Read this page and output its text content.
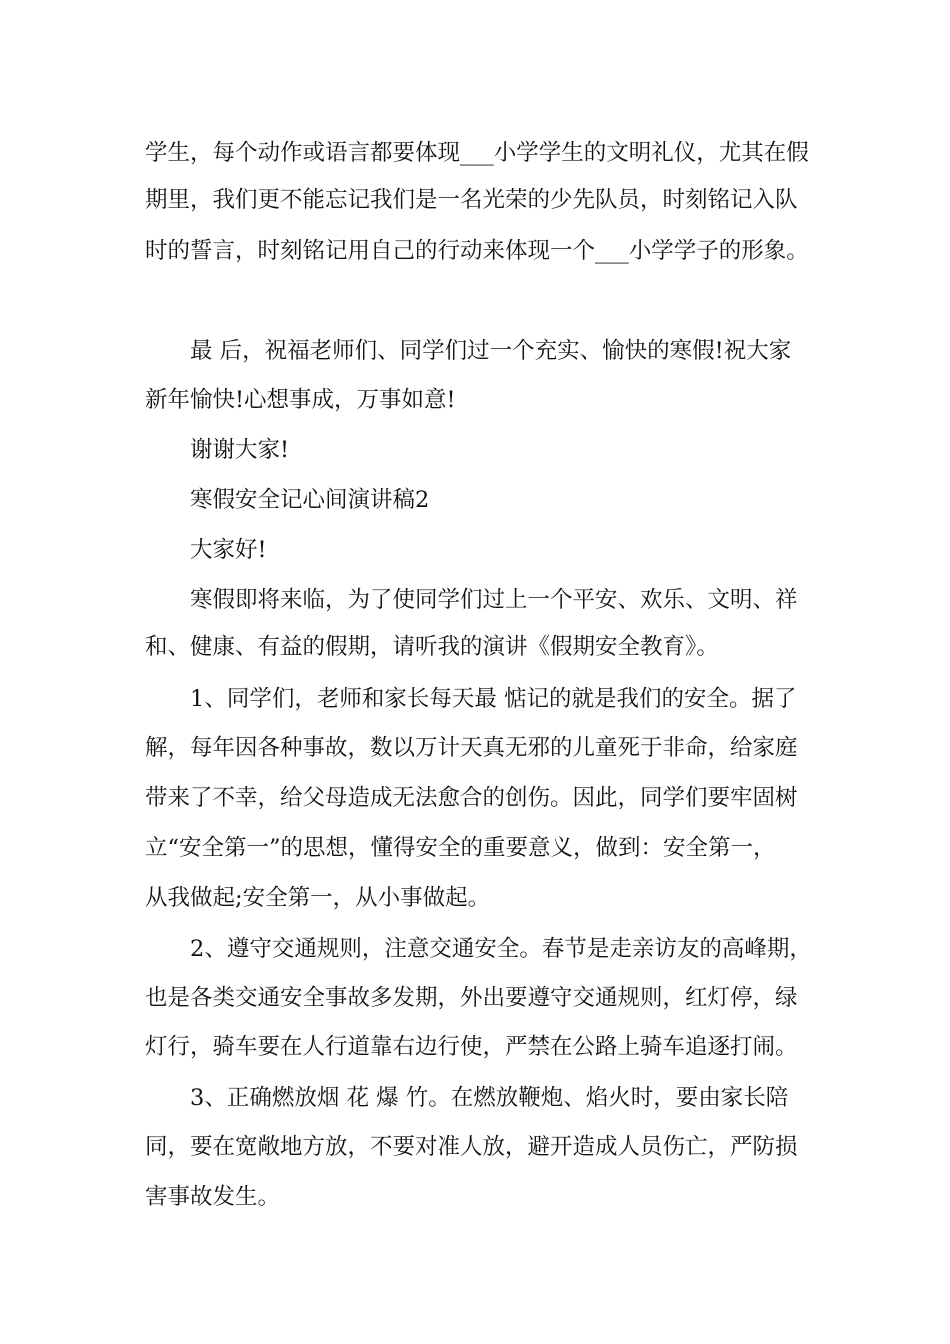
学生，每个动作或语言都要体现___小学学生的文明礼仪，尤其在假
期里，我们更不能忘记我们是一名光荣的少先队员，时刻铭记入队
时的誓言，时刻铭记用自己的行动来体现一个___小学学子的形象。
最 后，祝福老师们、同学们过一个充实、愉快的寒假!祝大家
新年愉快!心想事成，万事如意!
谢谢大家!
寒假安全记心间演讲稿2
大家好!
寒假即将来临，为了使同学们过上一个平安、欢乐、文明、祥
和、健康、有益的假期，请听我的演讲《假期安全教育》。
1、同学们，老师和家长每天最 惦记的就是我们的安全。据了
解，每年因各种事故，数以万计天真无邪的儿童死于非命，给家庭
带来了不幸，给父母造成无法愈合的创伤。因此，同学们要牢固树
立“安全第一”的思想，懂得安全的重要意义，做到：安全第一，
从我做起;安全第一，从小事做起。
2、遵守交通规则，注意交通安全。春节是走亲访友的高峰期，
也是各类交通安全事故多发期，外出要遵守交通规则，红灯停，绿
灯行，骑车要在人行道靠右边行使，严禁在公路上骑车追逐打闹。
3、正确燃放烟 花 爆 竹。在燃放鞭炮、焰火时，要由家长陪
同，要在宽敞地方放，不要对准人放，避开造成人员伤亡，严防损
害事故发生。
